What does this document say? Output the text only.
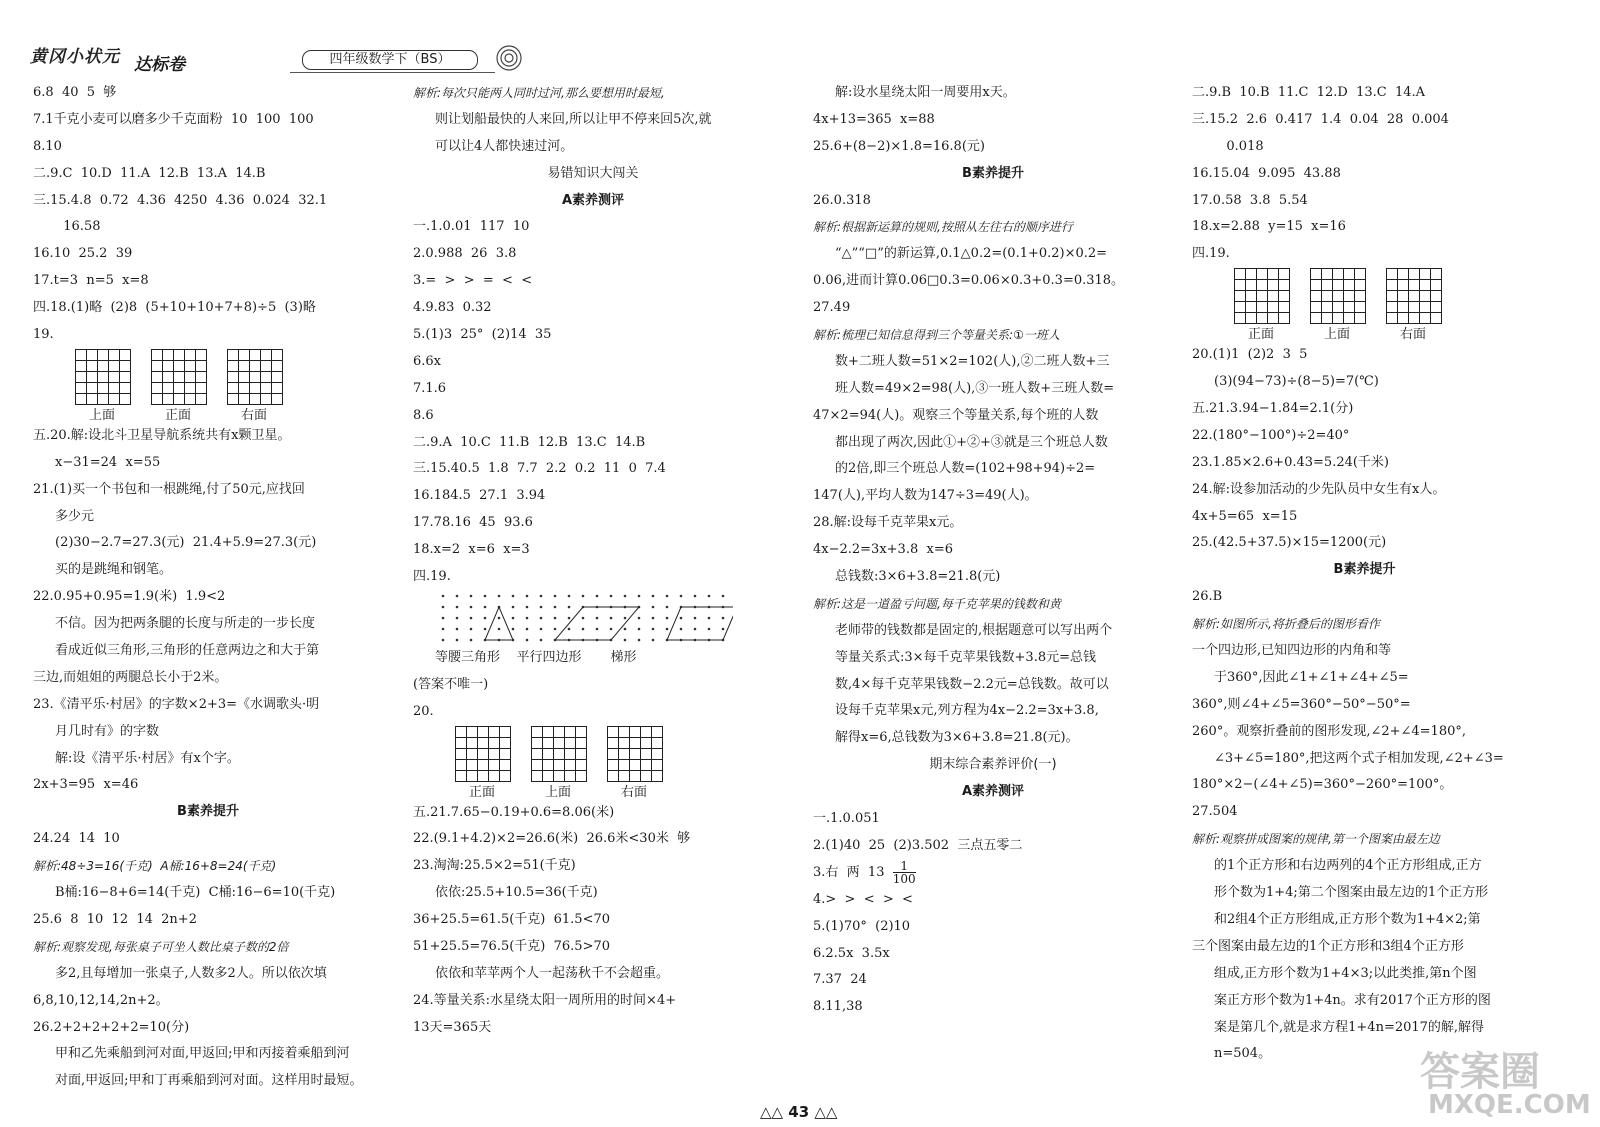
黄冈小状元 达标卷	四年级数学下（BS）
6.8  40  5  够
7.1千克小麦可以磨多少千克面粉  10  100  100
8.10
二.9.C  10.D  11.A  12.B  13.A  14.B
三.15.4.8  0.72  4.36  4250  4.36  0.024  32.1
16.58
16.10  25.2  39
17.t=3  n=5  x=8
四.18.(1)略  (2)8  (5+10+10+7+8)÷5  (3)略
19.
上面	正面	右面
五.20.解:设北斗卫星导航系统共有x颗卫星。
x−31=24  x=55
21.(1)买一个书包和一根跳绳,付了50元,应找回
多少元
(2)30−2.7=27.3(元)  21.4+5.9=27.3(元)
买的是跳绳和钢笔。
22.0.95+0.95=1.9(米)  1.9<2
不信。因为把两条腿的长度与所走的一步长度
看成近似三角形,三角形的任意两边之和大于第
三边,而姐姐的两腿总长小于2米。
23.《清平乐·村居》的字数×2+3=《水调歌头·明
月几时有》的字数
解:设《清平乐·村居》有x个字。
2x+3=95  x=46
B素养提升
24.24  14  10
解析:48÷3=16(千克)  A桶:16+8=24(千克)
B桶:16−8+6=14(千克)  C桶:16−6=10(千克)
25.6  8  10  12  14  2n+2
解析:观察发现,每张桌子可坐人数比桌子数的2倍
多2,且每增加一张桌子,人数多2人。所以依次填
6,8,10,12,14,2n+2。
26.2+2+2+2+2=10(分)
甲和乙先乘船到河对面,甲返回;甲和丙接着乘船到河
对面,甲返回;甲和丁再乘船到河对面。这样用时最短。
解析:每次只能两人同时过河,那么要想用时最短,
则让划船最快的人来回,所以让甲不停来回5次,就
可以让4人都快速过河。
易错知识大闯关
A素养测评
一.1.0.01  117  10
2.0.988  26  3.8
3.=  >  >  =  <  <
4.9.83  0.32
5.(1)3  25°  (2)14  35
6.6x
7.1.6
8.6
二.9.A  10.C  11.B  12.B  13.C  14.B
三.15.40.5  1.8  7.7  2.2  0.2  11  0  7.4
16.184.5  27.1  3.94
17.78.16  45  93.6
18.x=2  x=6  x=3
四.19.
等腰三角形    平行四边形       梯形
(答案不唯一)
20.
正面	上面	右面
五.21.7.65−0.19+0.6=8.06(米)
22.(9.1+4.2)×2=26.6(米)  26.6米<30米  够
23.淘淘:25.5×2=51(千克)
依依:25.5+10.5=36(千克)
36+25.5=61.5(千克)  61.5<70
51+25.5=76.5(千克)  76.5>70
依依和苹苹两个人一起荡秋千不会超重。
24.等量关系:水星绕太阳一周所用的时间×4+
13天=365天
解:设水星绕太阳一周要用x天。
4x+13=365  x=88
25.6+(8−2)×1.8=16.8(元)
B素养提升
26.0.318
解析:根据新运算的规则,按照从左往右的顺序进行
“△”“□”的新运算,0.1△0.2=(0.1+0.2)×0.2=
0.06,进而计算0.06□0.3=0.06×0.3+0.3=0.318。
27.49
解析:梳理已知信息得到三个等量关系:①一班人
数+二班人数=51×2=102(人),②二班人数+三
班人数=49×2=98(人),③一班人数+三班人数=
47×2=94(人)。观察三个等量关系,每个班的人数
都出现了两次,因此①+②+③就是三个班总人数
的2倍,即三个班总人数=(102+98+94)÷2=
147(人),平均人数为147÷3=49(人)。
28.解:设每千克苹果x元。
4x−2.2=3x+3.8  x=6
总钱数:3×6+3.8=21.8(元)
解析:这是一道盈亏问题,每千克苹果的钱数和黄
老师带的钱数都是固定的,根据题意可以写出两个
等量关系式:3×每千克苹果钱数+3.8元=总钱
数,4×每千克苹果钱数−2.2元=总钱数。故可以
设每千克苹果x元,列方程为4x−2.2=3x+3.8,
解得x=6,总钱数为3×6+3.8=21.8(元)。
期末综合素养评价(一)
A素养测评
一.1.0.051
2.(1)40  25  (2)3.502  三点五零二
3.右  两  $13 \frac{1}{100}$
4.>  >  <  >  <
5.(1)70°  (2)10
6.2.5x  3.5x
7.37  24
8.11,38
二.9.B  10.B  11.C  12.D  13.C  14.A
三.15.2  2.6  0.417  1.4  0.04  28  0.004
0.018
16.15.04  9.095  43.88
17.0.58  3.8  5.54
18.x=2.88  y=15  x=16
四.19.
正面	上面	右面
20.(1)1  (2)2  3  5
(3)(94−73)÷(8−5)=7(℃)
五.21.3.94−1.84=2.1(分)
22.(180°−100°)÷2=40°
23.1.85×2.6+0.43=5.24(千米)
24.解:设参加活动的少先队员中女生有x人。
4x+5=65  x=15
25.(42.5+37.5)×15=1200(元)
B素养提升
26.B
解析:如图所示,将折叠后的图形看作
一个四边形,已知四边形的内角和等
于360°,因此∠1+∠1+∠4+∠5=
360°,则∠4+∠5=360°−50°−50°=
260°。观察折叠前的图形发现,∠2+∠4=180°,
∠3+∠5=180°,把这两个式子相加发现,∠2+∠3=
180°×2−(∠4+∠5)=360°−260°=100°。
27.504
解析:观察拼成图案的规律,第一个图案由最左边
的1个正方形和右边两列的4个正方形组成,正方
形个数为1+4;第二个图案由最左边的1个正方形
和2组4个正方形组成,正方形个数为1+4×2;第
三个图案由最左边的1个正方形和3组4个正方形
组成,正方形个数为1+4×3;以此类推,第n个图
案正方形个数为1+4n。求有2017个正方形的图
案是第几个,就是求方程1+4n=2017的解,解得
n=504。
△△ 43 △△
答案圈
MXQE.COM
